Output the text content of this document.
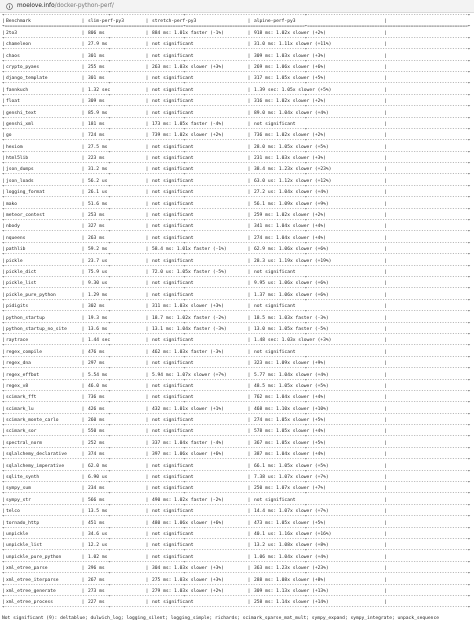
moelove.info /docker-python-perf/
+----------------------------------------+----------------------------+----------------------------------------------+--------------------------------------------------------------+
| Benchmark	| slim-perf-py3	| stretch-perf-py3	| alpine-perf-py3	|
+========================================+============================+==============================================+==============================================================+
| 2to3	| 806 ms	| 884 ms: 1.01x faster (-1%)	| 918 ms: 1.02x slower (+2%)	|
+----------------------------------------+----------------------------+----------------------------------------------+--------------------------------------------------------------+
| chameleon	| 27.9 ms	| not significant	| 31.0 ms: 1.11x slower (+11%)	|
+----------------------------------------+----------------------------+----------------------------------------------+--------------------------------------------------------------+
| chaos	| 301 ms	| not significant	| 309 ms: 1.03x slower (+3%)	|
+----------------------------------------+----------------------------+----------------------------------------------+--------------------------------------------------------------+
| crypto_pyaes	| 255 ms	| 263 ms: 1.03x slower (+3%)	| 269 ms: 1.06x slower (+6%)	|
+----------------------------------------+----------------------------+----------------------------------------------+--------------------------------------------------------------+
| django_template	| 301 ms	| not significant	| 317 ms: 1.05x slower (+5%)	|
+----------------------------------------+----------------------------+----------------------------------------------+--------------------------------------------------------------+
| fannkuch	| 1.32 sec	| not significant	| 1.39 sec: 1.05x slower (+5%)	|
+----------------------------------------+----------------------------+----------------------------------------------+--------------------------------------------------------------+
| float	| 309 ms	| not significant	| 316 ms: 1.02x slower (+2%)	|
+----------------------------------------+----------------------------+----------------------------------------------+--------------------------------------------------------------+
| genshi_text	| 85.9 ms	| not significant	| 89.0 ms: 1.04x slower (+4%)	|
+----------------------------------------+----------------------------+----------------------------------------------+--------------------------------------------------------------+
| genshi_xml	| 181 ms	| 173 ms: 1.05x faster (-4%)	| not significant	|
+----------------------------------------+----------------------------+----------------------------------------------+--------------------------------------------------------------+
| go	| 724 ms	| 739 ms: 1.02x slower (+2%)	| 736 ms: 1.02x slower (+2%)	|
+----------------------------------------+----------------------------+----------------------------------------------+--------------------------------------------------------------+
| hexiom	| 27.5 ms	| not significant	| 28.0 ms: 1.05x slower (+5%)	|
+----------------------------------------+----------------------------+----------------------------------------------+--------------------------------------------------------------+
| html5lib	| 223 ms	| not significant	| 231 ms: 1.03x slower (+3%)	|
+----------------------------------------+----------------------------+----------------------------------------------+--------------------------------------------------------------+
| json_dumps	| 31.2 ms	| not significant	| 38.4 ms: 1.23x slower (+23%)	|
+----------------------------------------+----------------------------+----------------------------------------------+--------------------------------------------------------------+
| json_loads	| 56.2 us	| not significant	| 63.0 us: 1.12x slower (+12%)	|
+----------------------------------------+----------------------------+----------------------------------------------+--------------------------------------------------------------+
| logging_format	| 26.1 us	| not significant	| 27.2 us: 1.04x slower (+4%)	|
+----------------------------------------+----------------------------+----------------------------------------------+--------------------------------------------------------------+
| mako	| 51.6 ms	| not significant	| 56.1 ms: 1.09x slower (+9%)	|
+----------------------------------------+----------------------------+----------------------------------------------+--------------------------------------------------------------+
| meteor_contest	| 253 ms	| not significant	| 259 ms: 1.02x slower (+2%)	|
+----------------------------------------+----------------------------+----------------------------------------------+--------------------------------------------------------------+
| nbody	| 327 ms	| not significant	| 341 ms: 1.04x slower (+4%)	|
+----------------------------------------+----------------------------+----------------------------------------------+--------------------------------------------------------------+
| nqueens	| 263 ms	| not significant	| 274 ms: 1.04x slower (+4%)	|
+----------------------------------------+----------------------------+----------------------------------------------+--------------------------------------------------------------+
| pathlib	| 59.2 ms	| 58.4 ms: 1.01x faster (-1%)	| 62.9 ms: 1.06x slower (+6%)	|
+----------------------------------------+----------------------------+----------------------------------------------+--------------------------------------------------------------+
| pickle	| 23.7 us	| not significant	| 28.3 us: 1.19x slower (+19%)	|
+----------------------------------------+----------------------------+----------------------------------------------+--------------------------------------------------------------+
| pickle_dict	| 75.9 us	| 72.0 us: 1.05x faster (-5%)	| not significant	|
+----------------------------------------+----------------------------+----------------------------------------------+--------------------------------------------------------------+
| pickle_list	| 9.30 us	| not significant	| 9.95 us: 1.06x slower (+6%)	|
+----------------------------------------+----------------------------+----------------------------------------------+--------------------------------------------------------------+
| pickle_pure_python	| 1.29 ms	| not significant	| 1.37 ms: 1.06x slower (+6%)	|
+----------------------------------------+----------------------------+----------------------------------------------+--------------------------------------------------------------+
| pidigits	| 302 ms	| 311 ms: 1.03x slower (+3%)	| not significant	|
+----------------------------------------+----------------------------+----------------------------------------------+--------------------------------------------------------------+
| python_startup	| 19.3 ms	| 18.7 ms: 1.02x faster (-2%)	| 18.5 ms: 1.03x faster (-3%)	|
+----------------------------------------+----------------------------+----------------------------------------------+--------------------------------------------------------------+
| python_startup_no_site	| 13.6 ms	| 13.1 ms: 1.04x faster (-3%)	| 13.0 ms: 1.05x faster (-5%)	|
+----------------------------------------+----------------------------+----------------------------------------------+--------------------------------------------------------------+
| raytrace	| 1.44 sec	| not significant	| 1.48 sec: 1.03x slower (+3%)	|
+----------------------------------------+----------------------------+----------------------------------------------+--------------------------------------------------------------+
| regex_compile	| 476 ms	| 462 ms: 1.03x faster (-3%)	| not significant	|
+----------------------------------------+----------------------------+----------------------------------------------+--------------------------------------------------------------+
| regex_dna	| 297 ms	| not significant	| 323 ms: 1.09x slower (+9%)	|
+----------------------------------------+----------------------------+----------------------------------------------+--------------------------------------------------------------+
| regex_effbot	| 5.54 ms	| 5.94 ms: 1.07x slower (+7%)	| 5.77 ms: 1.04x slower (+4%)	|
+----------------------------------------+----------------------------+----------------------------------------------+--------------------------------------------------------------+
| regex_v8	| 46.0 ms	| not significant	| 48.5 ms: 1.05x slower (+5%)	|
+----------------------------------------+----------------------------+----------------------------------------------+--------------------------------------------------------------+
| scimark_fft	| 736 ms	| not significant	| 762 ms: 1.04x slower (+4%)	|
+----------------------------------------+----------------------------+----------------------------------------------+--------------------------------------------------------------+
| scimark_lu	| 426 ms	| 432 ms: 1.01x slower (+1%)	| 468 ms: 1.10x slower (+10%)	|
+----------------------------------------+----------------------------+----------------------------------------------+--------------------------------------------------------------+
| scimark_monte_carlo	| 260 ms	| not significant	| 274 ms: 1.05x slower (+5%)	|
+----------------------------------------+----------------------------+----------------------------------------------+--------------------------------------------------------------+
| scimark_sor	| 550 ms	| not significant	| 578 ms: 1.05x slower (+4%)	|
+----------------------------------------+----------------------------+----------------------------------------------+--------------------------------------------------------------+
| spectral_norm	| 252 ms	| 337 ms: 1.04x faster (-4%)	| 367 ms: 1.05x slower (+5%)	|
+----------------------------------------+----------------------------+----------------------------------------------+--------------------------------------------------------------+
| sqlalchemy_declarative	| 374 ms	| 397 ms: 1.06x slower (+6%)	| 387 ms: 1.04x slower (+4%)	|
+----------------------------------------+----------------------------+----------------------------------------------+--------------------------------------------------------------+
| sqlalchemy_imperative	| 62.0 ms	| not significant	| 66.1 ms: 1.05x slower (+5%)	|
+----------------------------------------+----------------------------+----------------------------------------------+--------------------------------------------------------------+
| sqlite_synth	| 6.90 us	| not significant	| 7.38 us: 1.07x slower (+7%)	|
+----------------------------------------+----------------------------+----------------------------------------------+--------------------------------------------------------------+
| sympy_sum	| 234 ms	| not significant	| 250 ms: 1.07x slower (+7%)	|
+----------------------------------------+----------------------------+----------------------------------------------+--------------------------------------------------------------+
| sympy_str	| 566 ms	| 490 ms: 1.02x faster (-2%)	| not significant	|
+----------------------------------------+----------------------------+----------------------------------------------+--------------------------------------------------------------+
| telco	| 13.5 ms	| not significant	| 14.4 ms: 1.07x slower (+7%)	|
+----------------------------------------+----------------------------+----------------------------------------------+--------------------------------------------------------------+
| tornado_http	| 451 ms	| 480 ms: 1.06x slower (+6%)	| 473 ms: 1.05x slower (+5%)	|
+----------------------------------------+----------------------------+----------------------------------------------+--------------------------------------------------------------+
| unpickle	| 34.6 us	| not significant	| 40.1 us: 1.16x slower (+16%)	|
+----------------------------------------+----------------------------+----------------------------------------------+--------------------------------------------------------------+
| unpickle_list	| 12.2 us	| not significant	| 13.2 us: 1.08x slower (+8%)	|
+----------------------------------------+----------------------------+----------------------------------------------+--------------------------------------------------------------+
| unpickle_pure_python	| 1.02 ms	| not significant	| 1.06 ms: 1.04x slower (+4%)	|
+----------------------------------------+----------------------------+----------------------------------------------+--------------------------------------------------------------+
| xml_etree_parse	| 296 ms	| 304 ms: 1.03x slower (+3%)	| 363 ms: 1.23x slower (+23%)	|
+----------------------------------------+----------------------------+----------------------------------------------+--------------------------------------------------------------+
| xml_etree_iterparse	| 267 ms	| 275 ms: 1.03x slower (+3%)	| 288 ms: 1.08x slower (+8%)	|
+----------------------------------------+----------------------------+----------------------------------------------+--------------------------------------------------------------+
| xml_etree_generate	| 273 ms	| 279 ms: 1.03x slower (+2%)	| 309 ms: 1.13x slower (+13%)	|
+----------------------------------------+----------------------------+----------------------------------------------+--------------------------------------------------------------+
| xml_etree_process	| 227 ms	| not significant	| 258 ms: 1.14x slower (+14%)	|
+----------------------------------------+----------------------------+----------------------------------------------+--------------------------------------------------------------+
Not significant (9): deltablue; dulwich_log; logging_silent; logging_simple; richards; scimark_sparse_mat_mult; sympy_expand; sympy_integrate; unpack_sequence
